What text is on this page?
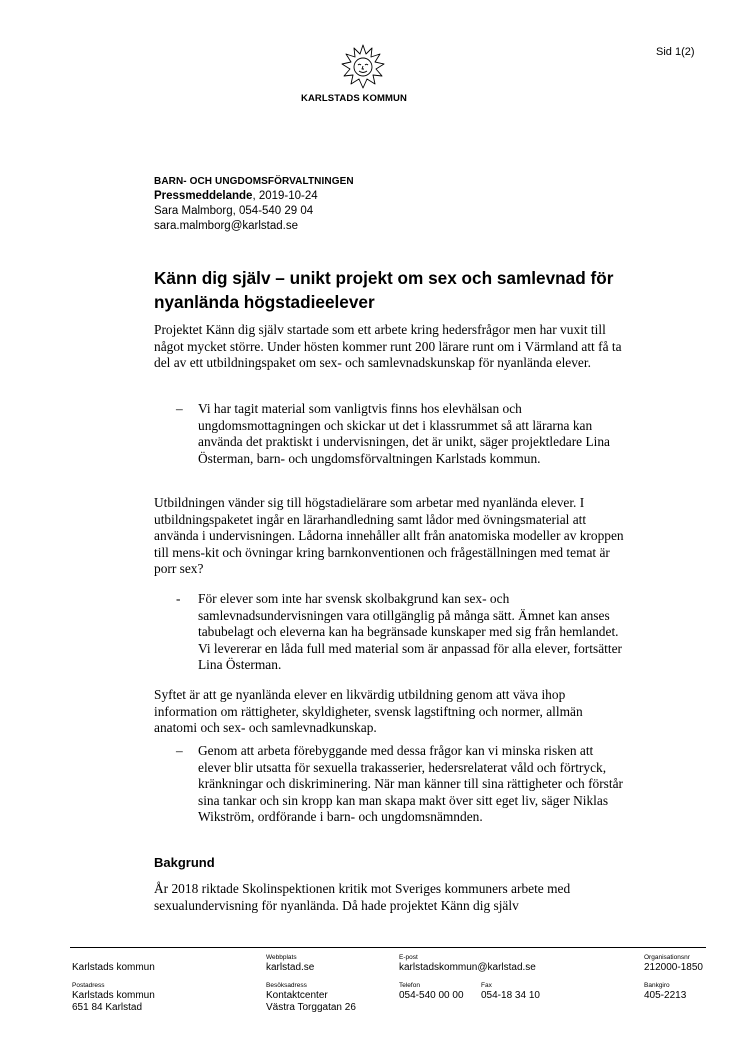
Sid 1(2)
KARLSTADS KOMMUN
BARN- OCH UNGDOMSFÖRVALTNINGEN
Pressmeddelande, 2019-10-24
Sara Malmborg, 054-540 29 04
sara.malmborg@karlstad.se
Känn dig själv – unikt projekt om sex och samlevnad för nyanlända högstadieelever

Projektet Känn dig själv startade som ett arbete kring hedersfrågor men har vuxit till något mycket större. Under hösten kommer runt 200 lärare runt om i Värmland att få ta del av ett utbildningspaket om sex- och samlevnadskunskap för nyanlända elever.

– Vi har tagit material som vanligtvis finns hos elevhälsan och ungdomsmottagningen och skickar ut det i klassrummet så att lärarna kan använda det praktiskt i undervisningen, det är unikt, säger projektledare Lina Österman, barn- och ungdomsförvaltningen Karlstads kommun.

Utbildningen vänder sig till högstadielärare som arbetar med nyanlända elever. I utbildningspaketet ingår en lärarhandledning samt lådor med övningsmaterial att använda i undervisningen. Lådorna innehåller allt från anatomiska modeller av kroppen till mens-kit och övningar kring barnkonventionen och frågeställningen med temat är porr sex?

- För elever som inte har svensk skolbakgrund kan sex- och samlevnadsundervisningen vara otillgänglig på många sätt. Ämnet kan anses tabubelagt och eleverna kan ha begränsade kunskaper med sig från hemlandet. Vi levererar en låda full med material som är anpassad för alla elever, fortsätter Lina Österman.

Syftet är att ge nyanlända elever en likvärdig utbildning genom att väva ihop information om rättigheter, skyldigheter, svensk lagstiftning och normer, allmän anatomi och sex- och samlevnadkunskap.

– Genom att arbeta förebyggande med dessa frågor kan vi minska risken att elever blir utsatta för sexuella trakasserier, hedersrelaterat våld och förtryck, kränkningar och diskriminering. När man känner till sina rättigheter och förstår sina tankar och sin kropp kan man skapa makt över sitt eget liv, säger Niklas Wikström, ordförande i barn- och ungdomsnämnden.
Bakgrund

År 2018 riktade Skolinspektionen kritik mot Sveriges kommuners arbete med sexualundervisning för nyanlända. Då hade projektet Känn dig själv

Karlstads kommun
Webbplats
karlstad.se
E-post
karlstadskommun@karlstad.se
Organisationsnr
212000-1850
Postadress
Karlstads kommun
651 84 Karlstad
Besöksadress
Kontaktcenter
Västra Torggatan 26
Telefon
054-540 00 00
Fax
054-18 34 10
Bankgiro
405-2213
